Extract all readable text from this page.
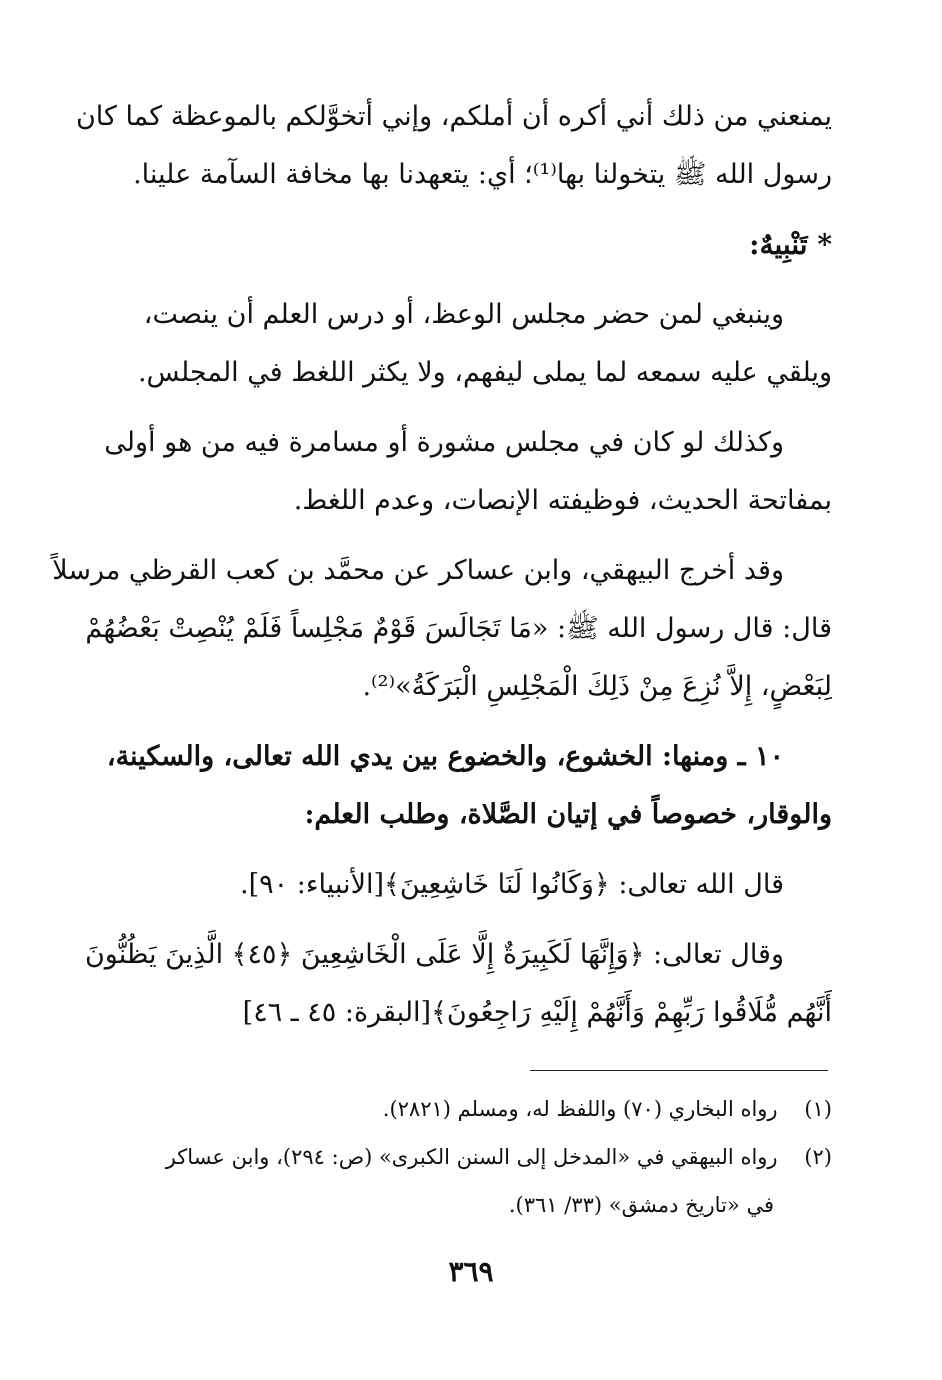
يمنعني من ذلك أني أكره أن أملكم، وإني أتخوَّلكم بالموعظة كما كان
رسول الله ﷺ يتخولنا بها⁽¹⁾؛ أي: يتعهدنا بها مخافة السآمة علينا.
* تَنْبِيهٌ:
وينبغي لمن حضر مجلس الوعظ، أو درس العلم أن ينصت،
ويلقي عليه سمعه لما يملى ليفهم، ولا يكثر اللغط في المجلس.
وكذلك لو كان في مجلس مشورة أو مسامرة فيه من هو أولى
بمفاتحة الحديث، فوظيفته الإنصات، وعدم اللغط.
وقد أخرج البيهقي، وابن عساكر عن محمَّد بن كعب القرظي مرسلاً
قال: قال رسول الله ﷺ: «مَا تَجَالَسَ قَوْمٌ مَجْلِساً فَلَمْ يُنْصِتْ بَعْضُهُمْ
لِبَعْضٍ، إِلاَّ نُزِعَ مِنْ ذَلِكَ الْمَجْلِسِ الْبَرَكَةُ»⁽²⁾.
١٠ ـ ومنها: الخشوع، والخضوع بين يدي الله تعالى، والسكينة،
والوقار، خصوصاً في إتيان الصَّلاة، وطلب العلم:
قال الله تعالى: ﴿وَكَانُوا لَنَا خَاشِعِينَ﴾[الأنبياء: ٩٠].
وقال تعالى: ﴿وَإِنَّهَا لَكَبِيرَةٌ إِلَّا عَلَى الْخَاشِعِينَ ﴿٤٥﴾ الَّذِينَ يَظُنُّونَ
أَنَّهُم مُّلَاقُوا رَبِّهِمْ وَأَنَّهُمْ إِلَيْهِ رَاجِعُونَ﴾[البقرة: ٤٥ ـ ٤٦]
(١)    رواه البخاري (٧٠) واللفظ له، ومسلم (٢٨٢١).
(٢)    رواه البيهقي في «المدخل إلى السنن الكبرى» (ص: ٢٩٤)، وابن عساكر
في «تاريخ دمشق» (٣٣/ ٣٦١).
٣٦٩
